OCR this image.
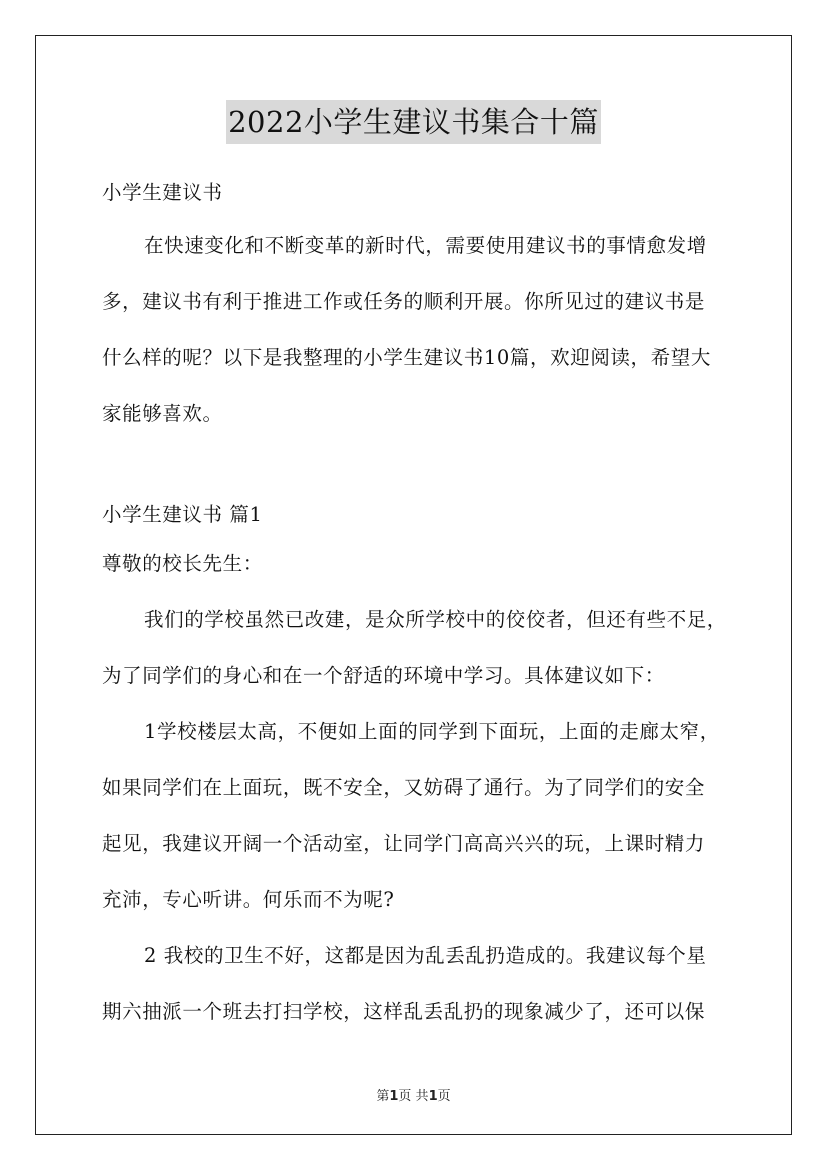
2022小学生建议书集合十篇
小学生建议书
在快速变化和不断变革的新时代，需要使用建议书的事情愈发增
多，建议书有利于推进工作或任务的顺利开展。你所见过的建议书是
什么样的呢？以下是我整理的小学生建议书10篇，欢迎阅读，希望大
家能够喜欢。
小学生建议书 篇1
尊敬的校长先生：
我们的学校虽然已改建，是众所学校中的佼佼者，但还有些不足，
为了同学们的身心和在一个舒适的环境中学习。具体建议如下：
1学校楼层太高，不便如上面的同学到下面玩，上面的走廊太窄，
如果同学们在上面玩，既不安全，又妨碍了通行。为了同学们的安全
起见，我建议开阔一个活动室，让同学门高高兴兴的玩，上课时精力
充沛，专心听讲。何乐而不为呢?
2 我校的卫生不好，这都是因为乱丢乱扔造成的。我建议每个星
期六抽派一个班去打扫学校，这样乱丢乱扔的现象减少了，还可以保
第1页 共1页
